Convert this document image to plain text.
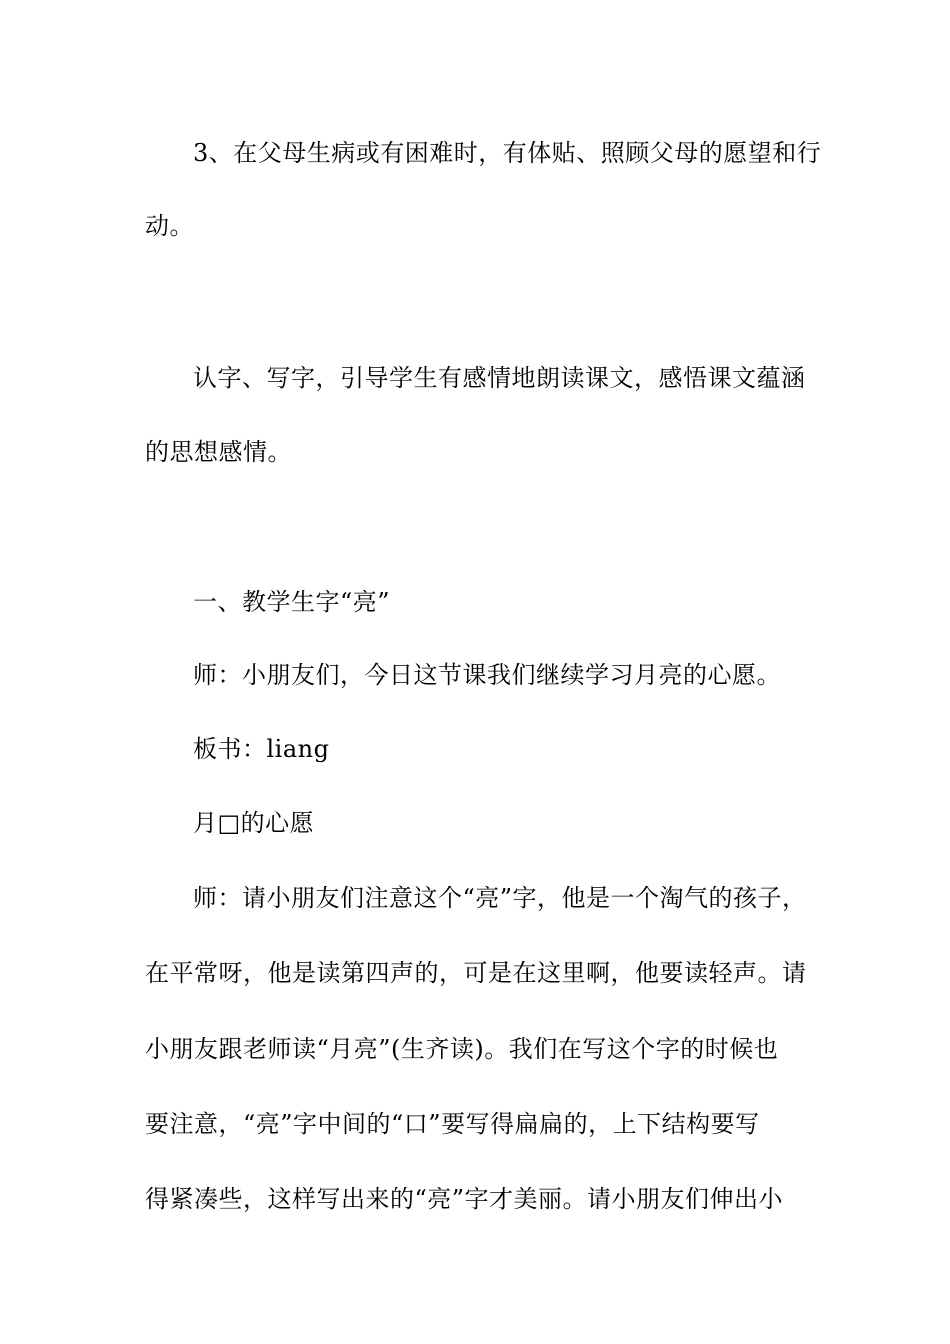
3、在父母生病或有困难时，有体贴、照顾父母的愿望和行
动。
认字、写字，引导学生有感情地朗读课文，感悟课文蕴涵
的思想感情。
一、教学生字“亮”
师：小朋友们，今日这节课我们继续学习月亮的心愿。
板书：liang
月□的心愿
师：请小朋友们注意这个“亮”字，他是一个淘气的孩子，
在平常呀，他是读第四声的，可是在这里啊，他要读轻声。请
小朋友跟老师读“月亮”(生齐读)。我们在写这个字的时候也
要注意，“亮”字中间的“口”要写得扁扁的，上下结构要写
得紧凑些，这样写出来的“亮”字才美丽。请小朋友们伸出小
